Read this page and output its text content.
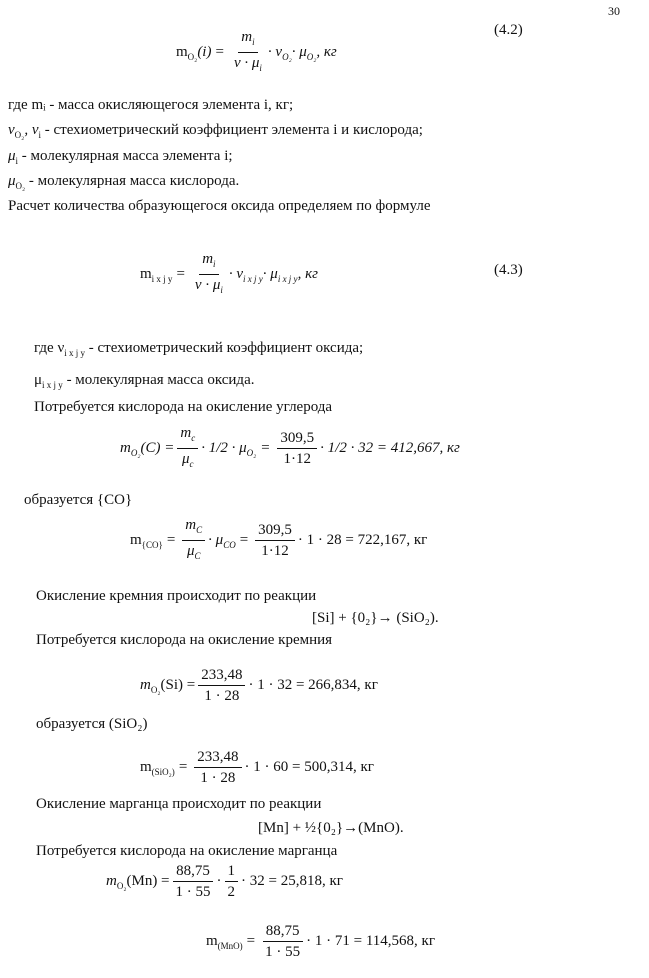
30
$m_{O_2}(i) = \frac{m_i}{\nu \cdot \mu_i} \cdot \nu_{O_2}\cdot \mu_{O_2}$, кг
(4.2)
где mᵢ - масса окисляющегося элемента i, кг;
$\nu_{O_2}$, $\nu_i$ - стехиометрический коэффициент элемента i и кислорода;
$\mu_i$ - молекулярная масса элемента i;
$\mu_{O_2}$ - молекулярная масса кислорода.
Расчет количества образующегося оксида определяем по формуле
$m_{i x j y} = \frac{m_i}{\nu \cdot \mu_i} \cdot \nu_{i x j y}\cdot \mu_{i x j y}$, кг	(4.3)
где $\nu_{i x j y}$ - стехиометрический коэффициент оксида;
$\mu_{i x j y}$ - молекулярная масса оксида.
Потребуется кислорода на окисление углерода
$m_{O_2}(C) = \frac{m_c}{\mu_c} \cdot 1/2 \cdot \mu_{O_2} = \frac{309,5}{1\cdot 12} \cdot 1/2 \cdot 32 = 412,667$, кг
образуется {CO}
$m_{\{CO\}} = \frac{m_C}{\mu_C} \cdot \mu_{CO} = \frac{309,5}{1\cdot 12} \cdot 1 \cdot 28 = 722,167$, кг
Окисление кремния происходит по реакции
[Si] + {0₂}→ (SiO₂).
Потребуется кислорода на окисление кремния
$m_{O_2}(Si) = \frac{233,48}{1 \cdot 28} \cdot 1 \cdot 32 = 266,834$, кг
образуется (SiO₂)
$m_{(SiO_2)} = \frac{233,48}{1 \cdot 28} \cdot 1 \cdot 60 = 500,314$, кг
Окисление марганца происходит по реакции
[Mn] + ½{0₂}→(MnO).
Потребуется кислорода на окисление марганца
$m_{O_2}(Mn) = \frac{88,75}{1 \cdot 55} \cdot \frac{1}{2} \cdot 32 = 25,818$, кг
$m_{(MnO)} = \frac{88,75}{1 \cdot 55} \cdot 1 \cdot 71 = 114,568$, кг
